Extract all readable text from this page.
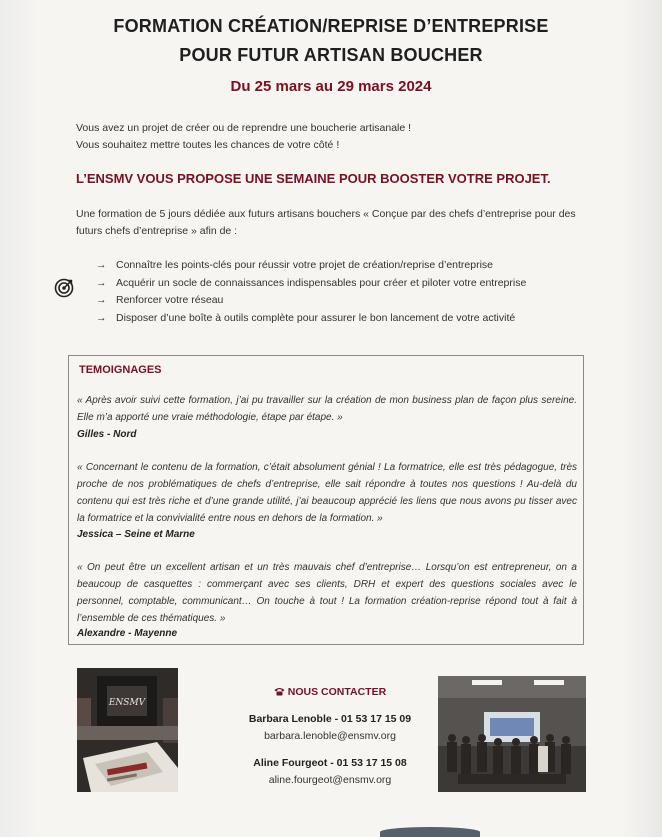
FORMATION CRÉATION/REPRISE D’ENTREPRISE
POUR FUTUR ARTISAN BOUCHER
Du 25 mars au 29 mars 2024
Vous avez un projet de créer ou de reprendre une boucherie artisanale !
Vous souhaitez mettre toutes les chances de votre côté !
L’ENSMV VOUS PROPOSE UNE SEMAINE POUR BOOSTER VOTRE PROJET.
Une formation de 5 jours dédiée aux futurs artisans bouchers « Conçue par des chefs d’entreprise pour des futurs chefs d’entreprise » afin de :
→ Connaître les points-clés pour réussir votre projet de création/reprise d’entreprise
→ Acquérir un socle de connaissances indispensables pour créer et piloter votre entreprise
→ Renforcer votre réseau
→ Disposer d’une boîte à outils complète pour assurer le bon lancement de votre activité
TEMOIGNAGES
« Après avoir suivi cette formation, j’ai pu travailler sur la création de mon business plan de façon plus sereine. Elle m’a apporté une vraie méthodologie, étape par étape. »
Gilles - Nord
« Concernant le contenu de la formation, c’était absolument génial ! La formatrice, elle est très pédagogue, très proche de nos problématiques de chefs d’entreprise, elle sait répondre à toutes nos questions ! Au-delà du contenu qui est très riche et d’une grande utilité, j’ai beaucoup apprécié les liens que nous avons pu tisser avec la formatrice et la convivialité entre nous en dehors de la formation. »
Jessica – Seine et Marne
« On peut être un excellent artisan et un très mauvais chef d’entreprise… Lorsqu’on est entrepreneur, on a beaucoup de casquettes : commerçant avec ses clients, DRH et expert des questions sociales avec le personnel, comptable, communicant… On touche à tout ! La formation création-reprise répond tout à fait à l’ensemble de ces thématiques. »
Alexandre - Mayenne
ENSMV
NOUS CONTACTER
Barbara Lenoble - 01 53 17 15 09
barbara.lenoble@ensmv.org
Aline Fourgeot - 01 53 17 15 08
aline.fourgeot@ensmv.org
